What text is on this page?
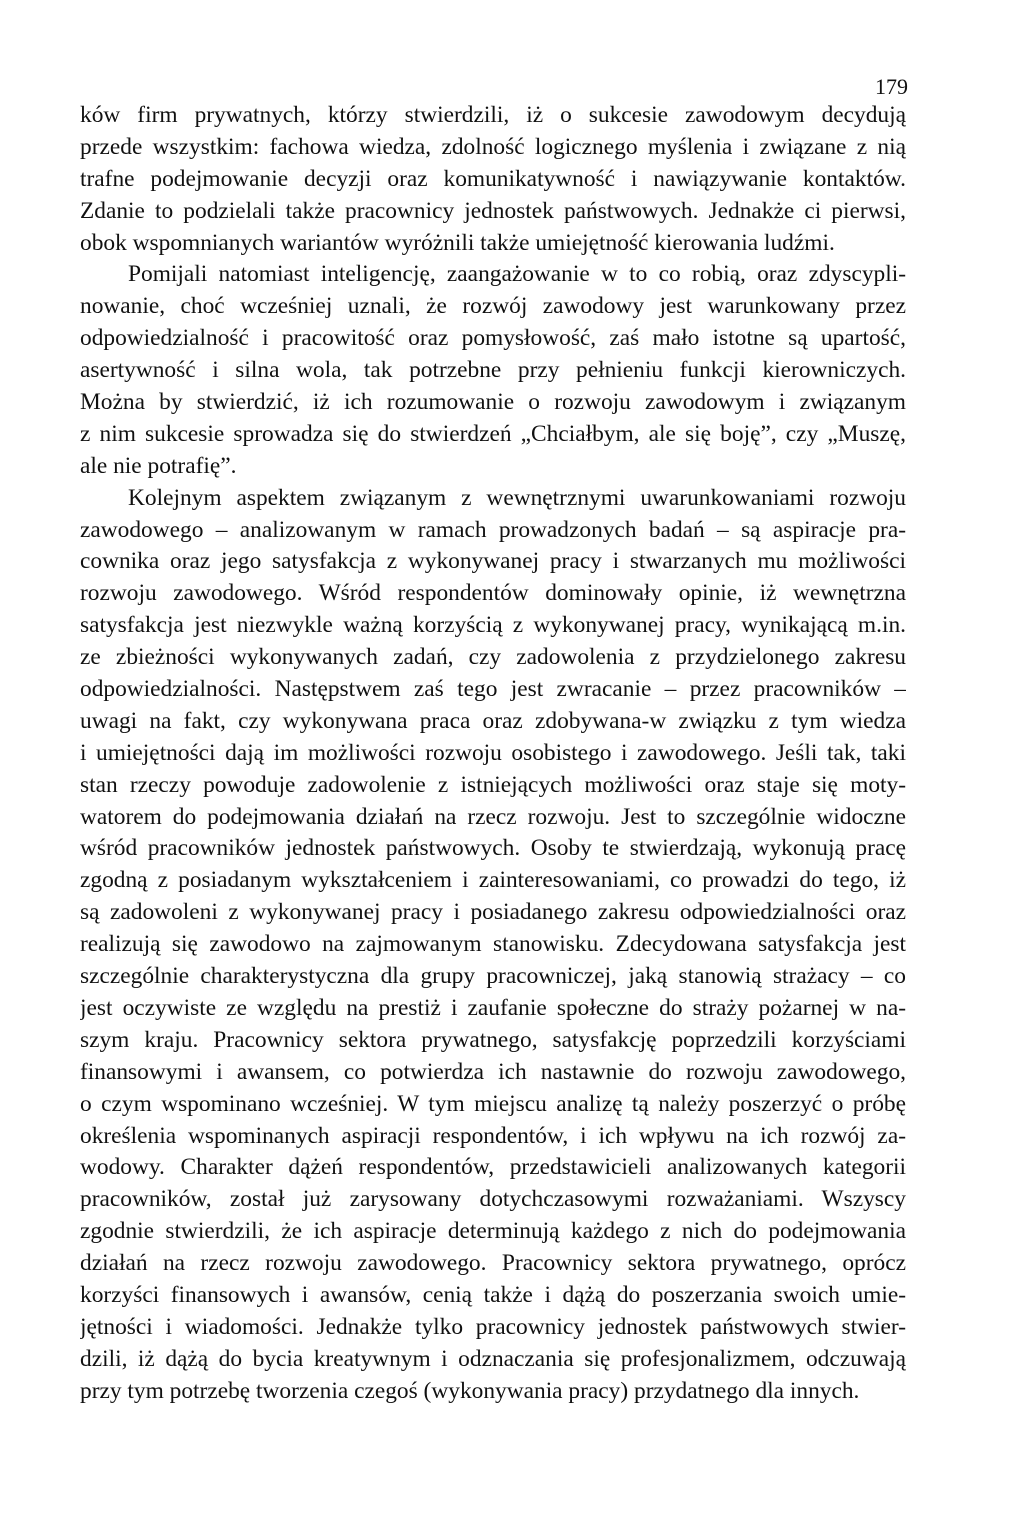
179
ków firm prywatnych, którzy stwierdzili, iż o sukcesie zawodowym decydują
przede wszystkim: fachowa wiedza, zdolność logicznego myślenia i związane z nią
trafne podejmowanie decyzji oraz komunikatywność i nawiązywanie kontaktów.
Zdanie to podzielali także pracownicy jednostek państwowych. Jednakże ci pierwsi,
obok wspomnianych wariantów wyróżnili także umiejętność kierowania ludźmi.
Pomijali natomiast inteligencję, zaangażowanie w to co robią, oraz zdyscypli-
nowanie, choć wcześniej uznali, że rozwój zawodowy jest warunkowany przez
odpowiedzialność i pracowitość oraz pomysłowość, zaś mało istotne są upartość,
asertywność i silna wola, tak potrzebne przy pełnieniu funkcji kierowniczych.
Można by stwierdzić, iż ich rozumowanie o rozwoju zawodowym i związanym
z nim sukcesie sprowadza się do stwierdzeń „Chciałbym, ale się boję”, czy „Muszę,
ale nie potrafię”.
Kolejnym aspektem związanym z wewnętrznymi uwarunkowaniami rozwoju
zawodowego – analizowanym w ramach prowadzonych badań – są aspiracje pra-
cownika oraz jego satysfakcja z wykonywanej pracy i stwarzanych mu możliwości
rozwoju zawodowego. Wśród respondentów dominowały opinie, iż wewnętrzna
satysfakcja jest niezwykle ważną korzyścią z wykonywanej pracy, wynikającą m.in.
ze zbieżności wykonywanych zadań, czy zadowolenia z przydzielonego zakresu
odpowiedzialności. Następstwem zaś tego jest zwracanie – przez pracowników –
uwagi na fakt, czy wykonywana praca oraz zdobywana-w związku z tym wiedza
i umiejętności dają im możliwości rozwoju osobistego i zawodowego. Jeśli tak, taki
stan rzeczy powoduje zadowolenie z istniejących możliwości oraz staje się moty-
watorem do podejmowania działań na rzecz rozwoju. Jest to szczególnie widoczne
wśród pracowników jednostek państwowych. Osoby te stwierdzają, wykonują pracę
zgodną z posiadanym wykształceniem i zainteresowaniami, co prowadzi do tego, iż
są zadowoleni z wykonywanej pracy i posiadanego zakresu odpowiedzialności oraz
realizują się zawodowo na zajmowanym stanowisku. Zdecydowana satysfakcja jest
szczególnie charakterystyczna dla grupy pracowniczej, jaką stanowią strażacy – co
jest oczywiste ze względu na prestiż i zaufanie społeczne do straży pożarnej w na-
szym kraju. Pracownicy sektora prywatnego, satysfakcję poprzedzili korzyściami
finansowymi i awansem, co potwierdza ich nastawnie do rozwoju zawodowego,
o czym wspominano wcześniej. W tym miejscu analizę tą należy poszerzyć o próbę
określenia wspominanych aspiracji respondentów, i ich wpływu na ich rozwój za-
wodowy. Charakter dążeń respondentów, przedstawicieli analizowanych kategorii
pracowników, został już zarysowany dotychczasowymi rozważaniami. Wszyscy
zgodnie stwierdzili, że ich aspiracje determinują każdego z nich do podejmowania
działań na rzecz rozwoju zawodowego. Pracownicy sektora prywatnego, oprócz
korzyści finansowych i awansów, cenią także i dążą do poszerzania swoich umie-
jętności i wiadomości. Jednakże tylko pracownicy jednostek państwowych stwier-
dzili, iż dążą do bycia kreatywnym i odznaczania się profesjonalizmem, odczuwają
przy tym potrzebę tworzenia czegoś (wykonywania pracy) przydatnego dla innych.
